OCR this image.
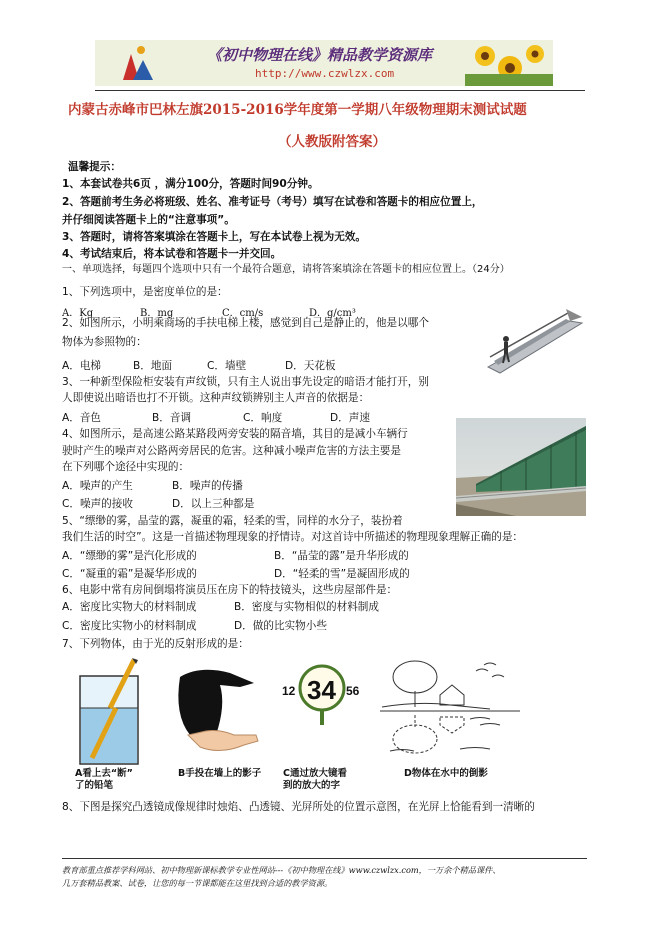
《初中物理在线》精品教学资源库
http://www.czwlzx.com
内蒙古赤峰市巴林左旗2015-2016学年度第一学期八年级物理期末测试试题
（人教版附答案）
温馨提示：
1、本套试卷共6页 ，满分100分，答题时间90分钟。
2、答题前考生务必将班级、姓名、准考证号（考号）填写在试卷和答题卡的相应位置上，
并仔细阅读答题卡上的“注意事项”。
3、答题时，请将答案填涂在答题卡上，写在本试卷上视为无效。
4、考试结束后，将本试卷和答题卡一并交回。
一、单项选择，每题四个选项中只有一个最符合题意，请将答案填涂在答题卡的相应位置上。（24分）
1、下列选项中，是密度单位的是：
A．Kg	B．mg	C．cm/s	D．g/cm³
2、如图所示，小明乘商场的手扶电梯上楼，感觉到自己是静止的，他是以哪个
物体为参照物的：
A．电梯	B．地面	C．墙壁	D．天花板
3、一种新型保险柜安装有声纹锁，只有主人说出事先设定的暗语才能打开，别
人即使说出暗语也打不开锁。这种声纹锁辨别主人声音的依据是：
A．音色	B．音调	C．响度	D．声速
4、如图所示，是高速公路某路段两旁安装的隔音墙，其目的是减小车辆行
驶时产生的噪声对公路两旁居民的危害。这种减小噪声危害的方法主要是
在下列哪个途径中实现的：
A．噪声的产生	B．噪声的传播
C．噪声的接收	D．以上三种都是
5、“缥缈的雾，晶莹的露，凝重的霜，轻柔的雪，同样的水分子，装扮着
我们生活的时空”。这是一首描述物理现象的抒情诗。对这首诗中所描述的物理现象理解正确的是：
A．“缥缈的雾”是汽化形成的	B．“晶莹的露”是升华形成的
C．“凝重的霜”是凝华形成的	D．“轻柔的雪”是凝固形成的
6、电影中常有房间倒塌将演员压在房下的特技镜头，这些房屋部件是：
A．密度比实物大的材料制成	B．密度与实物相似的材料制成
C．密度比实物小的材料制成	D．做的比实物小些
7、下列物体，由于光的反射形成的是：
12 34 56
A看上去“断”
了的铅笔
B手投在墙上的影子 C通过放大镜看
到的放大的字
D物体在水中的倒影
8、下图是探究凸透镜成像规律时烛焰、凸透镜、光屏所处的位置示意图，在光屏上恰能看到一清晰的
教育部重点推荐学科网站、初中物理新课标教学专业性网站---《初中物理在线》www.czwlzx.com，一万余个精品课件、
几万套精品教案、试卷，让您的每一节课都能在这里找到合适的教学资源。
